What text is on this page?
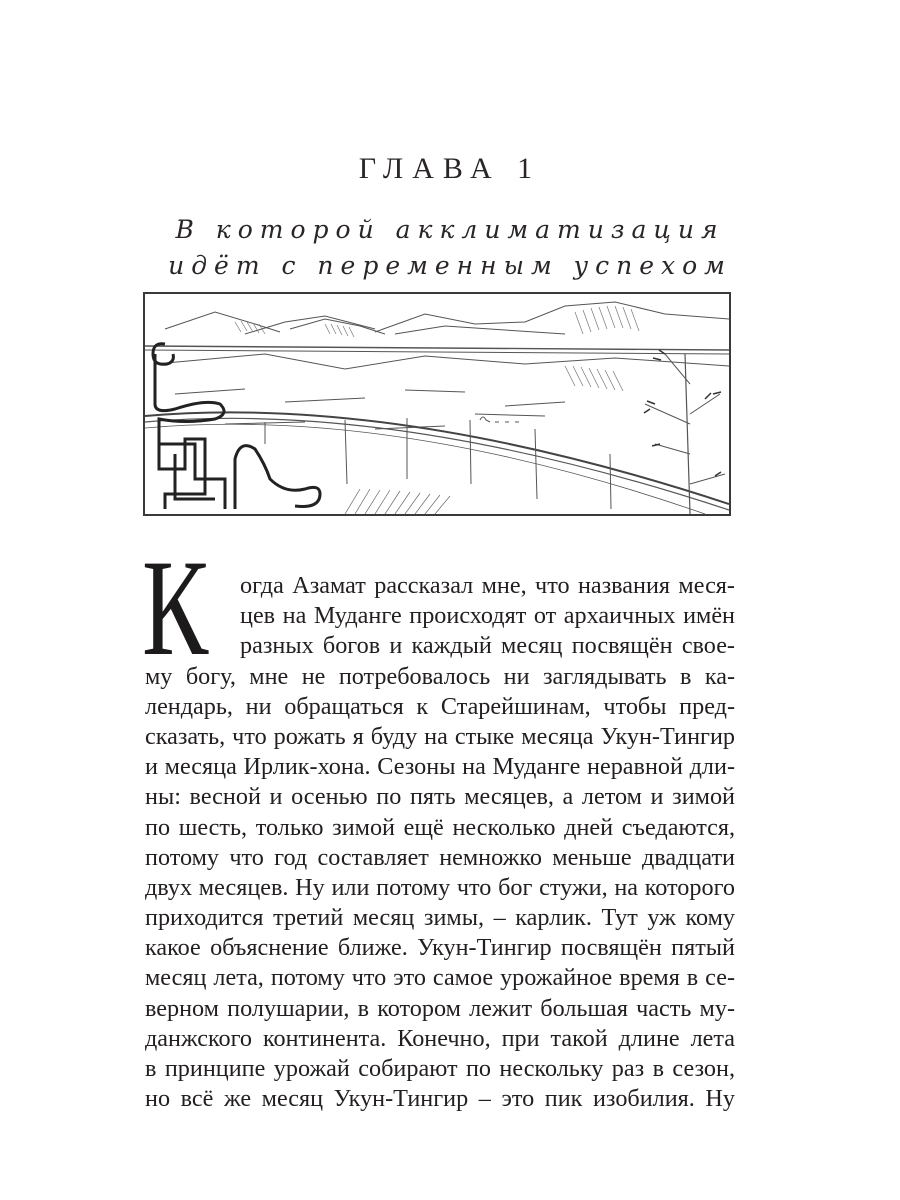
ГЛАВА 1
В которой акклиматизация
идёт с переменным успехом
К	огда Азамат рассказал мне, что названия меся-
цев на Муданге происходят от архаичных имён
разных богов и каждый месяц посвящён свое-
му богу, мне не потребовалось ни заглядывать в ка-
лендарь, ни обращаться к Старейшинам, чтобы пред-
сказать, что рожать я буду на стыке месяца Укун-Тингир
и месяца Ирлик-хона. Сезоны на Муданге неравной дли-
ны: весной и осенью по пять месяцев, а летом и зимой
по шесть, только зимой ещё несколько дней съедаются,
потому что год составляет немножко меньше двадцати
двух месяцев. Ну или потому что бог стужи, на которого
приходится третий месяц зимы, – карлик. Тут уж кому
какое объяснение ближе. Укун-Тингир посвящён пятый
месяц лета, потому что это самое урожайное время в се-
верном полушарии, в котором лежит большая часть му-
данжского континента. Конечно, при такой длине лета
в принципе урожай собирают по нескольку раз в сезон,
но всё же месяц Укун-Тингир – это пик изобилия. Ну
